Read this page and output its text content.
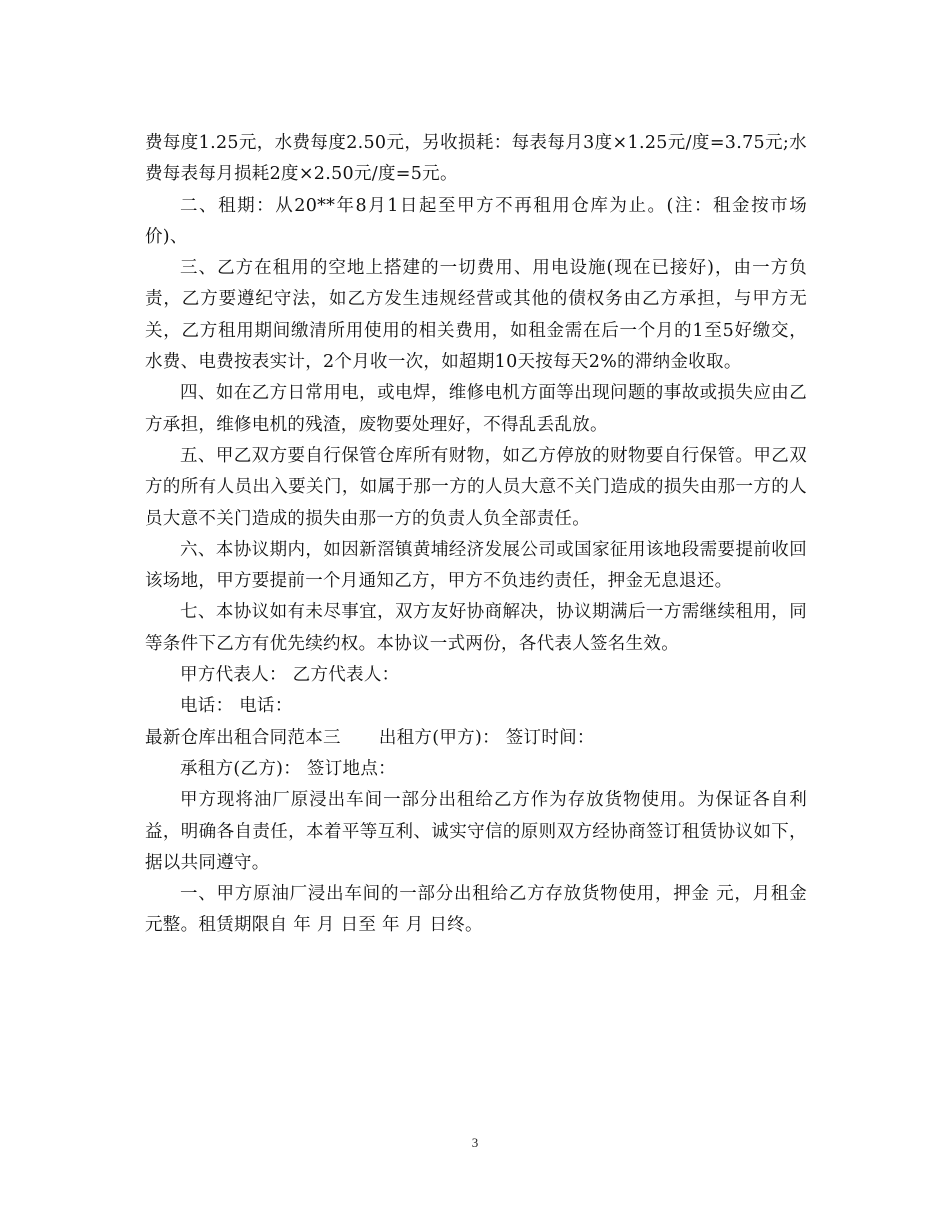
费每度1.25元，水费每度2.50元，另收损耗：每表每月3度×1.25元/度=3.75元;水费每表每月损耗2度×2.50元/度=5元。

二、租期：从20**年8月1日起至甲方不再租用仓库为止。(注：租金按市场价)、

三、乙方在租用的空地上搭建的一切费用、用电设施(现在已接好)，由一方负责，乙方要遵纪守法，如乙方发生违规经营或其他的债权务由乙方承担，与甲方无关，乙方租用期间缴清所用使用的相关费用，如租金需在后一个月的1至5好缴交，水费、电费按表实计，2个月收一次，如超期10天按每天2%的滞纳金收取。

四、如在乙方日常用电，或电焊，维修电机方面等出现问题的事故或损失应由乙方承担，维修电机的残渣，废物要处理好，不得乱丢乱放。

五、甲乙双方要自行保管仓库所有财物，如乙方停放的财物要自行保管。甲乙双方的所有人员出入要关门，如属于那一方的人员大意不关门造成的损失由那一方的人员大意不关门造成的损失由那一方的负责人负全部责任。

六、本协议期内，如因新滘镇黄埔经济发展公司或国家征用该地段需要提前收回该场地，甲方要提前一个月通知乙方，甲方不负违约责任，押金无息退还。

七、本协议如有未尽事宜，双方友好协商解决，协议期满后一方需继续租用，同等条件下乙方有优先续约权。本协议一式两份，各代表人签名生效。

甲方代表人： 乙方代表人：

电话： 电话：

最新仓库出租合同范本三 出租方(甲方)： 签订时间：

承租方(乙方)： 签订地点：

甲方现将油厂原浸出车间一部分出租给乙方作为存放货物使用。为保证各自利益，明确各自责任，本着平等互利、诚实守信的原则双方经协商签订租赁协议如下，据以共同遵守。

一、甲方原油厂浸出车间的一部分出租给乙方存放货物使用，押金 元，月租金 元整。租赁期限自 年 月 日至 年 月 日终。

3
